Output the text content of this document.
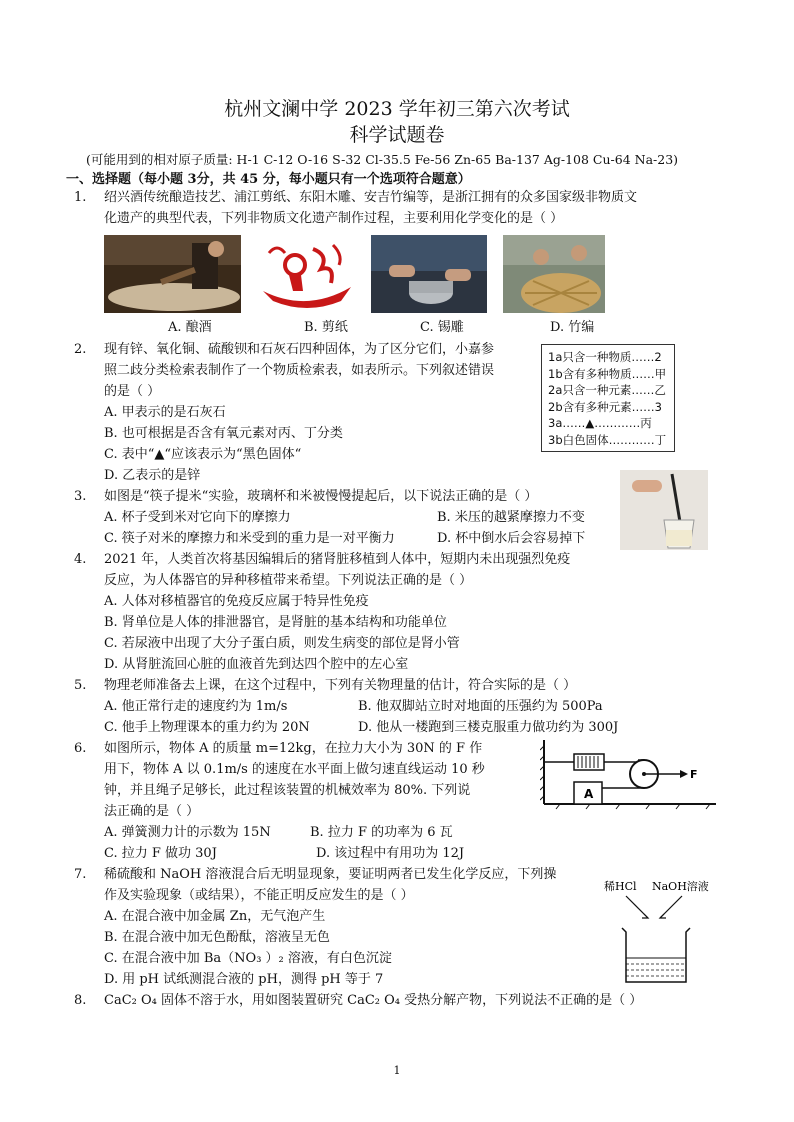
杭州文澜中学 2023 学年初三第六次考试
科学试题卷
(可能用到的相对原子质量: H-1 C-12 O-16 S-32 Cl-35.5 Fe-56 Zn-65 Ba-137 Ag-108 Cu-64 Na-23)
一、选择题（每小题 3分，共 45 分，每小题只有一个选项符合题意）
1. 绍兴酒传统酿造技艺、浦江剪纸、东阳木雕、安吉竹编等，是浙江拥有的众多国家级非物质文
化遗产的典型代表，下列非物质文化遗产制作过程，主要利用化学变化的是（ ）
A. 酿酒	B. 剪纸	C. 锡雕	D. 竹编
2. 现有锌、氧化铜、硫酸钡和石灰石四种固体，为了区分它们，小嘉参
照二歧分类检索表制作了一个物质检索表，如表所示。下列叙述错误
的是（ ）
A. 甲表示的是石灰石
B. 也可根据是否含有氧元素对丙、丁分类
C. 表中“▲“应该表示为“黑色固体“
D. 乙表示的是锌
1a只含一种物质……2
1b含有多种物质……甲
2a只含一种元素……乙
2b含有多种元素……3
3a……▲…………丙
3b白色固体…………丁
3. 如图是“筷子提米“实验，玻璃杯和米被慢慢提起后，以下说法正确的是（ ）
A. 杯子受到米对它向下的摩擦力	B. 米压的越紧摩擦力不变
C. 筷子对米的摩擦力和米受到的重力是一对平衡力	D. 杯中倒水后会容易掉下
4. 2021 年，人类首次将基因编辑后的猪肾脏移植到人体中，短期内未出现强烈免疫
反应，为人体器官的异种移植带来希望。下列说法正确的是（ ）
A. 人体对移植器官的免疫反应属于特异性免疫
B. 肾单位是人体的排泄器官，是肾脏的基本结构和功能单位
C. 若尿液中出现了大分子蛋白质，则发生病变的部位是肾小管
D. 从肾脏流回心脏的血液首先到达四个腔中的左心室
5. 物理老师准备去上课，在这个过程中，下列有关物理量的估计，符合实际的是（ ）
A. 他正常行走的速度约为 1m/s	B. 他双脚站立时对地面的压强约为 500Pa
C. 他手上物理课本的重力约为 20N	D. 他从一楼跑到三楼克服重力做功约为 300J
6. 如图所示，物体 A 的质量 m=12kg，在拉力大小为 30N 的 F 作
用下，物体 A 以 0.1m/s 的速度在水平面上做匀速直线运动 10 秒
钟，并且绳子足够长，此过程该装置的机械效率为 80%. 下列说
法正确的是（ ）
A. 弹簧测力计的示数为 15N	B. 拉力 F 的功率为 6 瓦
C. 拉力 F 做功 30J	D. 该过程中有用功为 12J
A
F
7. 稀硫酸和 NaOH 溶液混合后无明显现象，要证明两者已发生化学反应，下列操
作及实验现象（或结果），不能正明反应发生的是（ ）
A. 在混合液中加金属 Zn，无气泡产生
B. 在混合液中加无色酚酞，溶液呈无色
C. 在混合液中加 Ba（NO₃ ）₂ 溶液，有白色沉淀
D. 用 pH 试纸测混合液的 pH，测得 pH 等于 7
稀HCl NaOH溶液
8. CaC₂ O₄ 固体不溶于水，用如图装置研究 CaC₂ O₄ 受热分解产物，下列说法不正确的是（ ）
1
